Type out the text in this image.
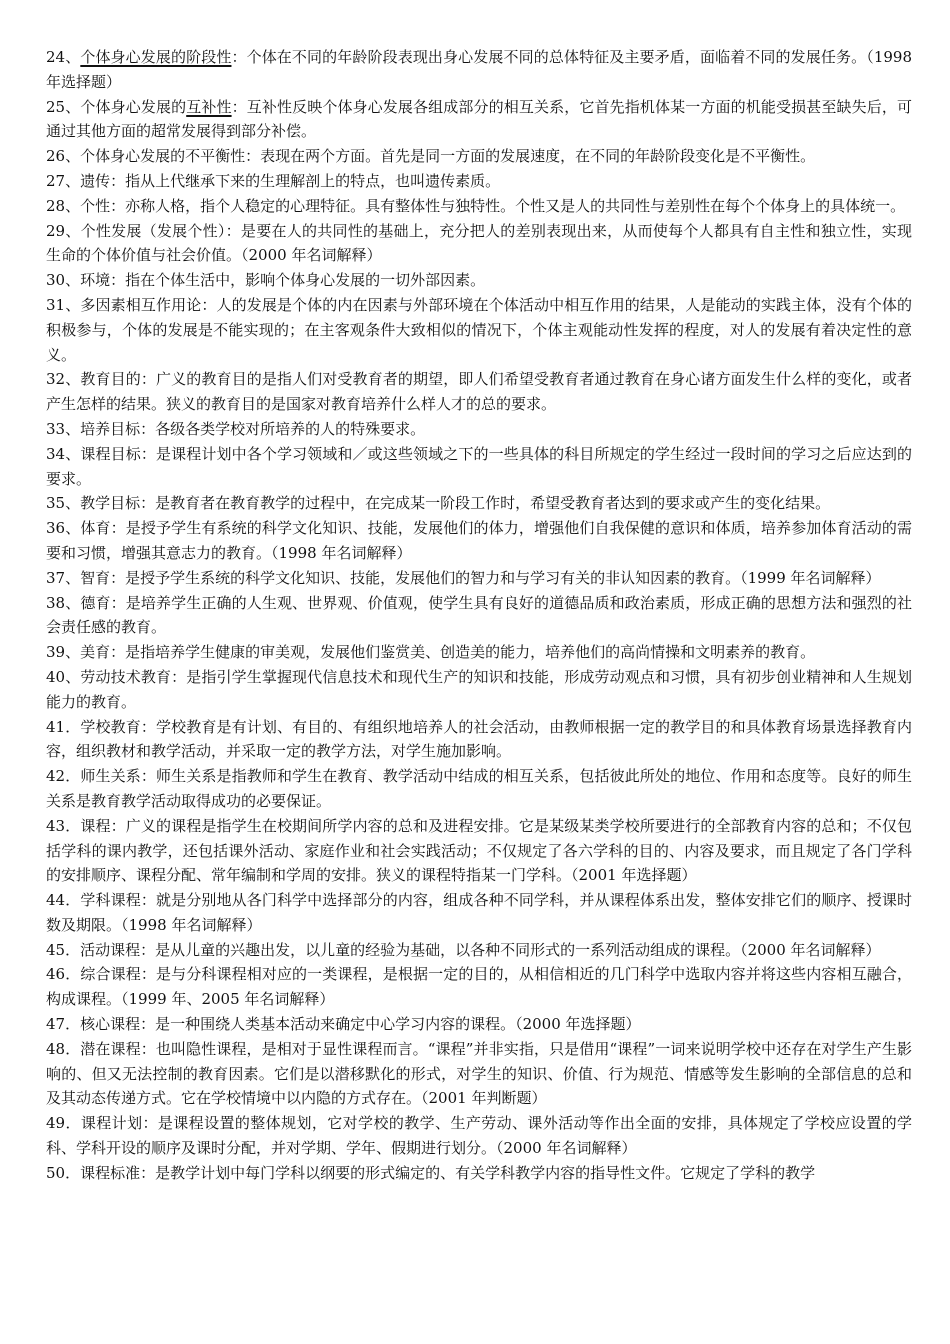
24、个体身心发展的阶段性：个体在不同的年龄阶段表现出身心发展不同的总体特征及主要矛盾，面临着不同的发展任务。（1998 年选择题）

25、个体身心发展的互补性：互补性反映个体身心发展各组成部分的相互关系，它首先指机体某一方面的机能受损甚至缺失后，可通过其他方面的超常发展得到部分补偿。

26、个体身心发展的不平衡性：表现在两个方面。首先是同一方面的发展速度，在不同的年龄阶段变化是不平衡性。

27、遗传：指从上代继承下来的生理解剖上的特点，也叫遗传素质。

28、个性：亦称人格，指个人稳定的心理特征。具有整体性与独特性。个性又是人的共同性与差别性在每个个体身上的具体统一。

29、个性发展（发展个性）：是要在人的共同性的基础上，充分把人的差别表现出来，从而使每个人都具有自主性和独立性，实现生命的个体价值与社会价值。（2000 年名词解释）

30、环境：指在个体生活中，影响个体身心发展的一切外部因素。

31、多因素相互作用论：人的发展是个体的内在因素与外部环境在个体活动中相互作用的结果，人是能动的实践主体，没有个体的积极参与，个体的发展是不能实现的；在主客观条件大致相似的情况下，个体主观能动性发挥的程度，对人的发展有着决定性的意义。

32、教育目的：广义的教育目的是指人们对受教育者的期望，即人们希望受教育者通过教育在身心诸方面发生什么样的变化，或者产生怎样的结果。狭义的教育目的是国家对教育培养什么样人才的总的要求。

33、培养目标：各级各类学校对所培养的人的特殊要求。

34、课程目标：是课程计划中各个学习领域和／或这些领域之下的一些具体的科目所规定的学生经过一段时间的学习之后应达到的要求。

35、教学目标：是教育者在教育教学的过程中，在完成某一阶段工作时，希望受教育者达到的要求或产生的变化结果。

36、体育：是授予学生有系统的科学文化知识、技能，发展他们的体力，增强他们自我保健的意识和体质，培养参加体育活动的需要和习惯，增强其意志力的教育。（1998 年名词解释）

37、智育：是授予学生系统的科学文化知识、技能，发展他们的智力和与学习有关的非认知因素的教育。（1999 年名词解释）

38、德育：是培养学生正确的人生观、世界观、价值观，使学生具有良好的道德品质和政治素质，形成正确的思想方法和强烈的社会责任感的教育。

39、美育：是指培养学生健康的审美观，发展他们鉴赏美、创造美的能力，培养他们的高尚情操和文明素养的教育。

40、劳动技术教育：是指引学生掌握现代信息技术和现代生产的知识和技能，形成劳动观点和习惯，具有初步创业精神和人生规划能力的教育。

41．学校教育：学校教育是有计划、有目的、有组织地培养人的社会活动，由教师根据一定的教学目的和具体教育场景选择教育内容，组织教材和教学活动，并采取一定的教学方法，对学生施加影响。

42．师生关系：师生关系是指教师和学生在教育、教学活动中结成的相互关系，包括彼此所处的地位、作用和态度等。良好的师生关系是教育教学活动取得成功的必要保证。

43．课程：广义的课程是指学生在校期间所学内容的总和及进程安排。它是某级某类学校所要进行的全部教育内容的总和；不仅包括学科的课内教学，还包括课外活动、家庭作业和社会实践活动；不仅规定了各六学科的目的、内容及要求，而且规定了各门学科的安排顺序、课程分配、常年编制和学周的安排。狭义的课程特指某一门学科。（2001 年选择题）

44．学科课程：就是分别地从各门科学中选择部分的内容，组成各种不同学科，并从课程体系出发，整体安排它们的顺序、授课时数及期限。（1998 年名词解释）

45．活动课程：是从儿童的兴趣出发，以儿童的经验为基础，以各种不同形式的一系列活动组成的课程。（2000 年名词解释）

46．综合课程：是与分科课程相对应的一类课程，是根据一定的目的，从相信相近的几门科学中选取内容并将这些内容相互融合，构成课程。（1999 年、2005 年名词解释）

47．核心课程：是一种围绕人类基本活动来确定中心学习内容的课程。（2000 年选择题）

48．潜在课程：也叫隐性课程，是相对于显性课程而言。“课程”并非实指，只是借用“课程”一词来说明学校中还存在对学生产生影响的、但又无法控制的教育因素。它们是以潜移默化的形式，对学生的知识、价值、行为规范、情感等发生影响的全部信息的总和及其动态传递方式。它在学校情境中以内隐的方式存在。（2001 年判断题）

49．课程计划：是课程设置的整体规划，它对学校的教学、生产劳动、课外活动等作出全面的安排，具体规定了学校应设置的学科、学科开设的顺序及课时分配，并对学期、学年、假期进行划分。（2000 年名词解释）

50．课程标准：是教学计划中每门学科以纲要的形式编定的、有关学科教学内容的指导性文件。它规定了学科的教学
